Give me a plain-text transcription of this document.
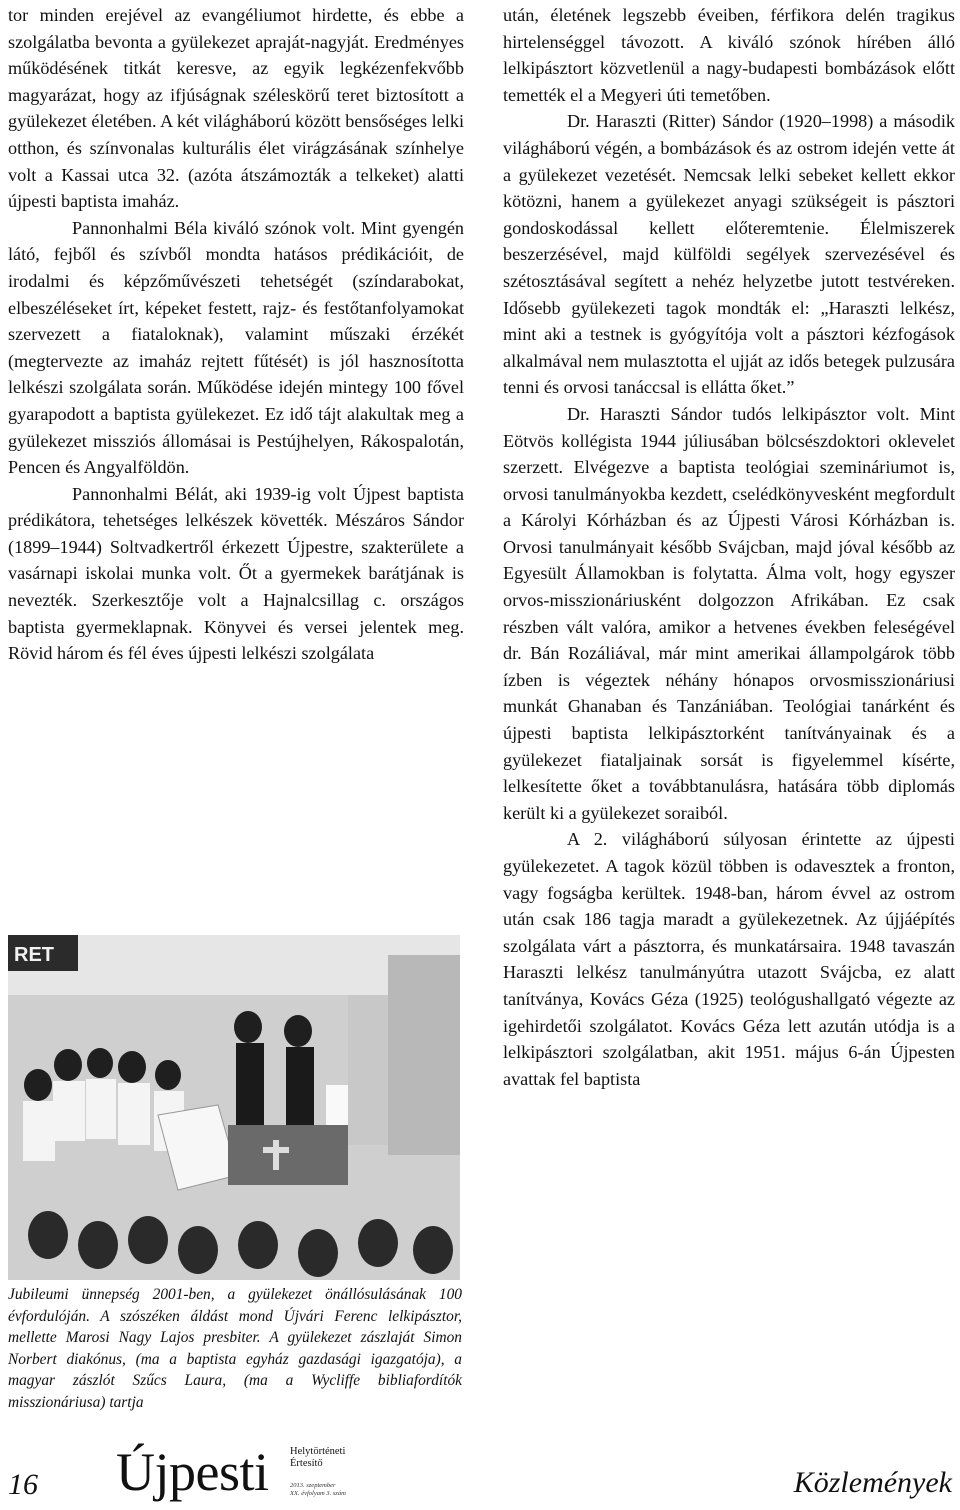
tor minden erejével az evangéliumot hirdette, és ebbe a szolgálatba bevonta a gyülekezet apraját-nagyját. Eredményes működésének titkát keresve, az egyik legkézenfekvőbb magyarázat, hogy az ifjúságnak széleskörű teret biztosított a gyülekezet életében. A két világháború között bensőséges lelki otthon, és színvonalas kulturális élet virágzásának színhelye volt a Kassai utca 32. (azóta átszámozták a telkeket) alatti újpesti baptista imaház.

Pannonhalmi Béla kiváló szónok volt. Mint gyengén látó, fejből és szívből mondta hatásos prédikációit, de irodalmi és képzőművészeti tehetségét (színdarabokat, elbeszéléseket írt, képeket festett, rajz- és festőtanfolyamokat szervezett a fiataloknak), valamint műszaki érzékét (megtervezte az imaház rejtett fűtését) is jól hasznosította lelkészi szolgálata során. Működése idején mintegy 100 fővel gyarapodott a baptista gyülekezet. Ez idő tájt alakultak meg a gyülekezet missziós állomásai is Pestújhelyen, Rákospalotán, Pencen és Angyalföldön.

Pannonhalmi Bélát, aki 1939-ig volt Újpest baptista prédikátora, tehetséges lelkészek követték. Mészáros Sándor (1899–1944) Soltvadkertről érkezett Újpestre, szakterülete a vasárnapi iskolai munka volt. Őt a gyermekek barátjának is nevezték. Szerkesztője volt a Hajnalcsillag c. országos baptista gyermeklapnak. Könyvei és versei jelentek meg. Rövid három és fél éves újpesti lelkészi szolgálata

RET
Jubileumi ünnepség 2001-ben, a gyülekezet önállósulásának 100 évfordulóján. A szószéken áldást mond Újvári Ferenc lelkipásztor, mellette Marosi Nagy Lajos presbiter. A gyülekezet zászlaját Simon Norbert diakónus, (ma a baptista egyház gazdasági igazgatója), a magyar zászlót Szűcs Laura, (ma a Wycliffe bibliafordítók misszionáriusa) tartja

után, életének legszebb éveiben, férfikora delén tragikus hirtelenséggel távozott. A kiváló szónok hírében álló lelkipásztort közvetlenül a nagy-budapesti bombázások előtt temették el a Megyeri úti temetőben.

Dr. Haraszti (Ritter) Sándor (1920–1998) a második világháború végén, a bombázások és az ostrom idején vette át a gyülekezet vezetését. Nemcsak lelki sebeket kellett ekkor kötözni, hanem a gyülekezet anyagi szükségeit is pásztori gondoskodással kellett előteremtenie. Élelmiszerek beszerzésével, majd külföldi segélyek szervezésével és szétosztásával segített a nehéz helyzetbe jutott testvéreken. Idősebb gyülekezeti tagok mondták el: „Haraszti lelkész, mint aki a testnek is gyógyítója volt a pásztori kézfogások alkalmával nem mulasztotta el ujját az idős betegek pulzusára tenni és orvosi tanáccsal is ellátta őket.”

Dr. Haraszti Sándor tudós lelkipásztor volt. Mint Eötvös kollégista 1944 júliusában bölcsészdoktori oklevelet szerzett. Elvégezve a baptista teológiai szemináriumot is, orvosi tanulmányokba kezdett, cselédkönyvesként megfordult a Károlyi Kórházban és az Újpesti Városi Kórházban is. Orvosi tanulmányait később Svájcban, majd jóval később az Egyesült Államokban is folytatta. Álma volt, hogy egyszer orvos-misszionáriusként dolgozzon Afrikában. Ez csak részben vált valóra, amikor a hetvenes években feleségével dr. Bán Rozáliával, már mint amerikai állampolgárok több ízben is végeztek néhány hónapos orvosmisszionáriusi munkát Ghanaban és Tanzániában. Teológiai tanárként és újpesti baptista lelkipásztorként tanítványainak és a gyülekezet fiataljainak sorsát is figyelemmel kísérte, lelkesítette őket a továbbtanulásra, hatására több diplomás került ki a gyülekezet soraiból.

A 2. világháború súlyosan érintette az újpesti gyülekezetet. A tagok közül többen is odavesztek a fronton, vagy fogságba kerültek. 1948-ban, három évvel az ostrom után csak 186 tagja maradt a gyülekezetnek. Az újjáépítés szolgálata várt a pásztorra, és munkatársaira. 1948 tavaszán Haraszti lelkész tanulmányútra utazott Svájcba, ez alatt tanítványa, Kovács Géza (1925) teológushallgató végezte az igehirdetői szolgálatot. Kovács Géza lett azután utódja is a lelkipásztori szolgálatban, akit 1951. május 6-án Újpesten avattak fel baptista

16 Újpesti Helytörténeti
Értesítő
2013. szeptember
XX. évfolyam 3. szám	Közlemények
